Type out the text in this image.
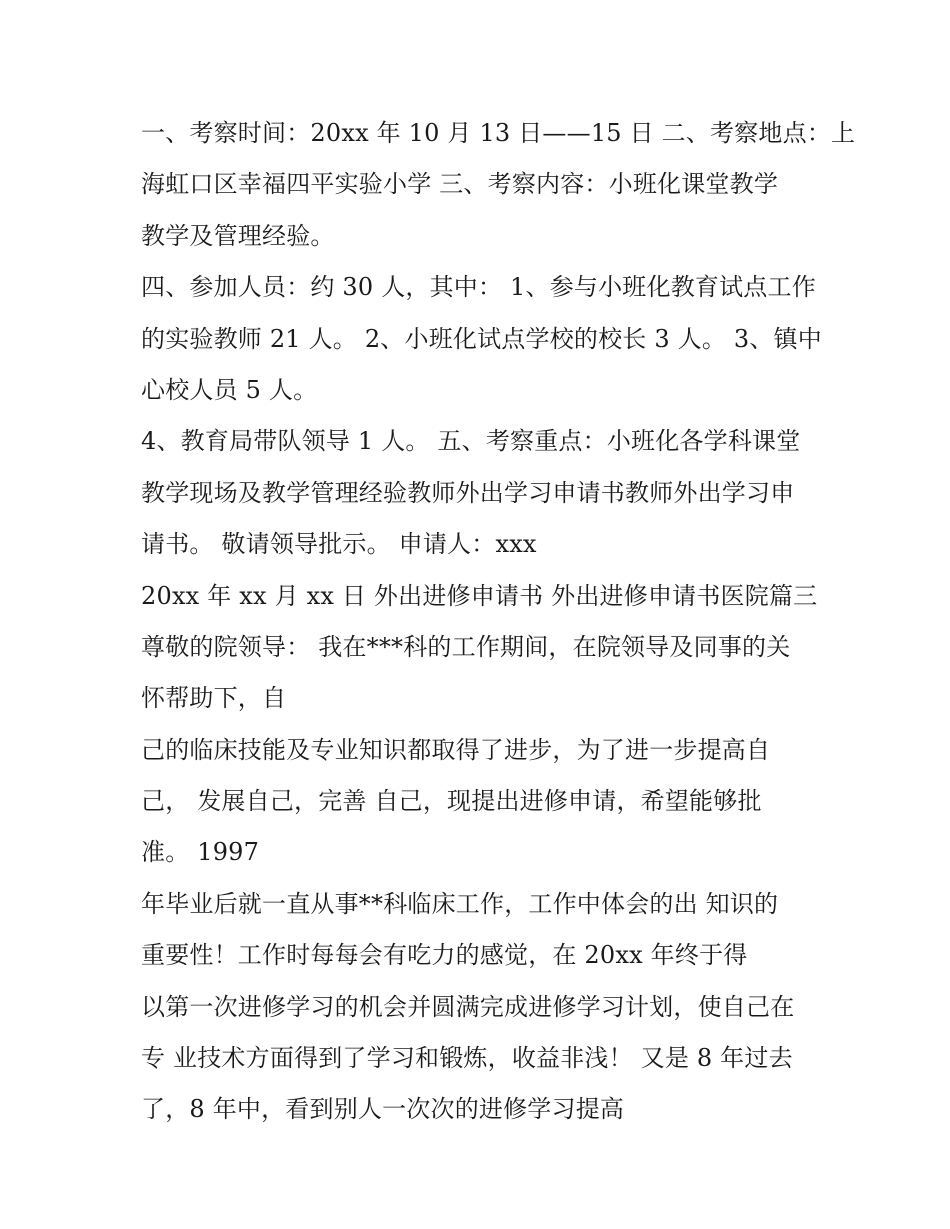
一、考察时间：20xx 年 10 月 13 日——15 日 二、考察地点：上
海虹口区幸福四平实验小学 三、考察内容：小班化课堂教学
教学及管理经验。
四、参加人员：约 30 人，其中： 1、参与小班化教育试点工作
的实验教师 21 人。 2、小班化试点学校的校长 3 人。 3、镇中
心校人员 5 人。
4、教育局带队领导 1 人。 五、考察重点：小班化各学科课堂
教学现场及教学管理经验教师外出学习申请书教师外出学习申
请书。 敬请领导批示。 申请人：xxx
20xx 年 xx 月 xx 日 外出进修申请书 外出进修申请书医院篇三
尊敬的院领导： 我在***科的工作期间，在院领导及同事的关
怀帮助下，自
己的临床技能及专业知识都取得了进步，为了进一步提高自
己， 发展自己，完善 自己，现提出进修申请，希望能够批
准。 1997
年毕业后就一直从事**科临床工作，工作中体会的出 知识的
重要性！工作时每每会有吃力的感觉，在 20xx 年终于得
以第一次进修学习的机会并圆满完成进修学习计划，使自己在
专 业技术方面得到了学习和锻炼，收益非浅！ 又是 8 年过去
了，8 年中，看到别人一次次的进修学习提高
